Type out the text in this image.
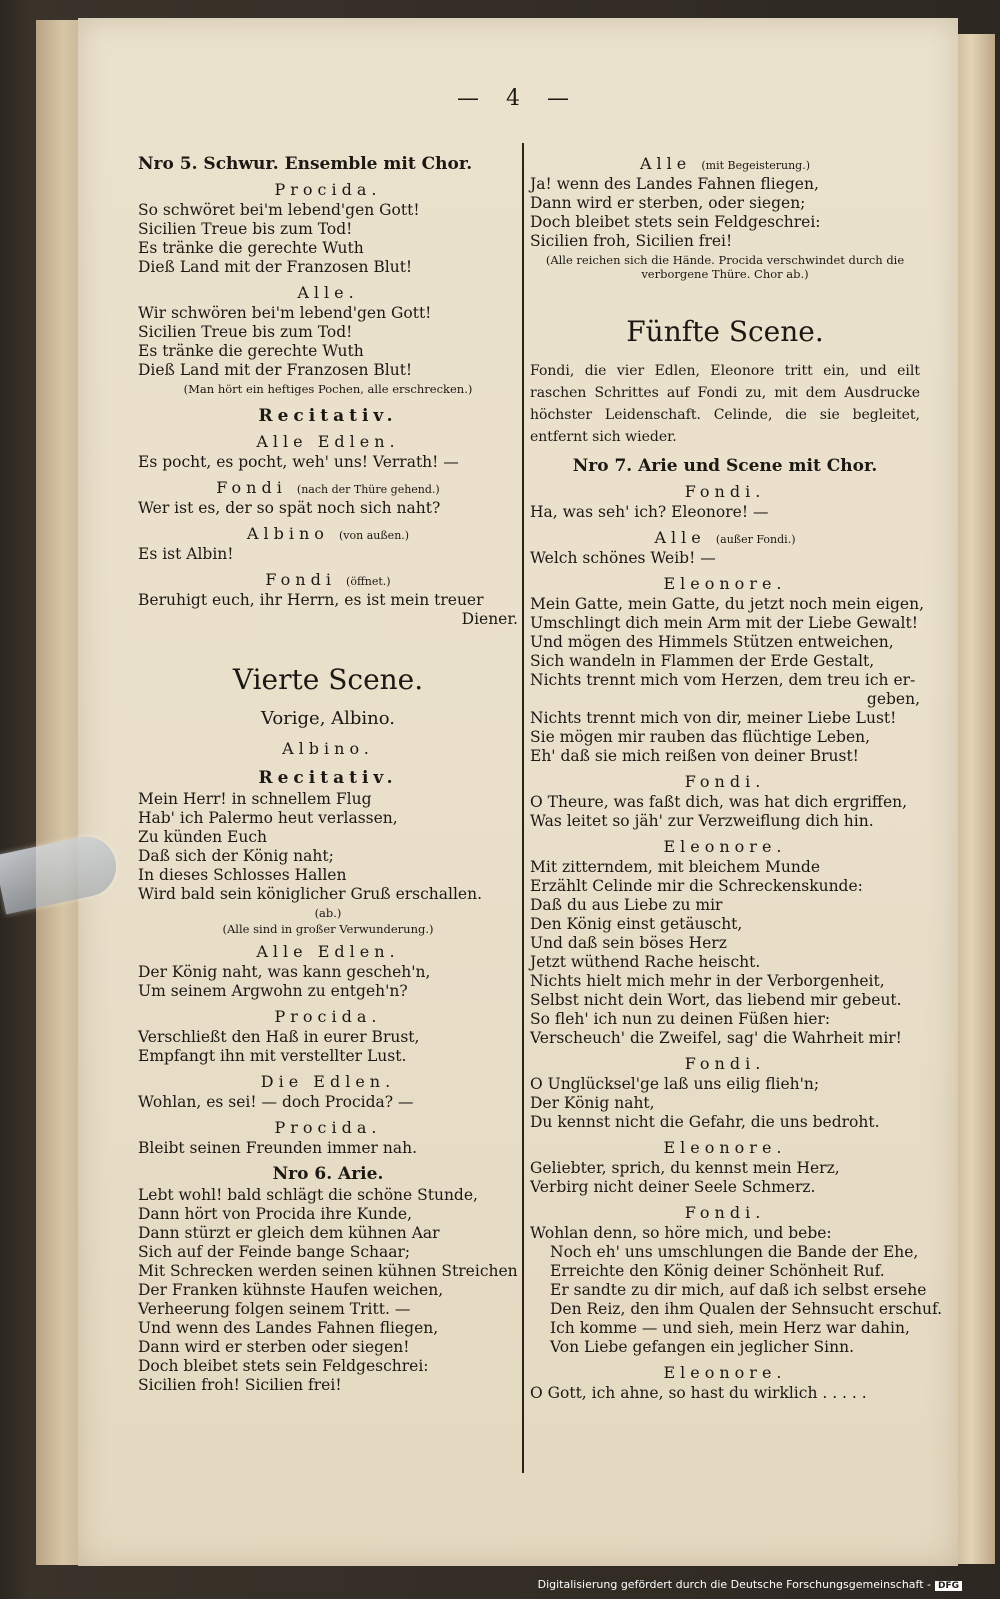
— 4 —
Nro 5. Schwur. Ensemble mit Chor.
Procida.
So schwöret bei'm lebend'gen Gott!
Sicilien Treue bis zum Tod!
Es tränke die gerechte Wuth
Dieß Land mit der Franzosen Blut!
Alle.
Wir schwören bei'm lebend'gen Gott!
Sicilien Treue bis zum Tod!
Es tränke die gerechte Wuth
Dieß Land mit der Franzosen Blut!
(Man hört ein heftiges Pochen, alle erschrecken.)
Recitativ.
Alle Edlen.
Es pocht, es pocht, weh' uns! Verrath! —
Fondi (nach der Thüre gehend.)
Wer ist es, der so spät noch sich naht?
Albino (von außen.)
Es ist Albin!
Fondi (öffnet.)
Beruhigt euch, ihr Herrn, es ist mein treuer
Diener.
Vierte Scene.
Vorige, Albino.
Albino.
Recitativ.
Mein Herr! in schnellem Flug
Hab' ich Palermo heut verlassen,
Zu künden Euch
Daß sich der König naht;
In dieses Schlosses Hallen
Wird bald sein königlicher Gruß erschallen.
(ab.)
(Alle sind in großer Verwunderung.)
Alle Edlen.
Der König naht, was kann gescheh'n,
Um seinem Argwohn zu entgeh'n?
Procida.
Verschließt den Haß in eurer Brust,
Empfangt ihn mit verstellter Lust.
Die Edlen.
Wohlan, es sei! — doch Procida? —
Procida.
Bleibt seinen Freunden immer nah.
Nro 6. Arie.
Lebt wohl! bald schlägt die schöne Stunde,
Dann hört von Procida ihre Kunde,
Dann stürzt er gleich dem kühnen Aar
Sich auf der Feinde bange Schaar;
Mit Schrecken werden seinen kühnen Streichen
Der Franken kühnste Haufen weichen,
Verheerung folgen seinem Tritt. —
Und wenn des Landes Fahnen fliegen,
Dann wird er sterben oder siegen!
Doch bleibet stets sein Feldgeschrei:
Sicilien froh! Sicilien frei!
Alle (mit Begeisterung.)
Ja! wenn des Landes Fahnen fliegen,
Dann wird er sterben, oder siegen;
Doch bleibet stets sein Feldgeschrei:
Sicilien froh, Sicilien frei!
(Alle reichen sich die Hände. Procida verschwindet durch die verborgene Thüre. Chor ab.)
Fünfte Scene.
Fondi, die vier Edlen, Eleonore tritt ein, und eilt raschen Schrittes auf Fondi zu, mit dem Ausdrucke höchster Leidenschaft. Celinde, die sie begleitet, entfernt sich wieder.
Nro 7. Arie und Scene mit Chor.
Fondi.
Ha, was seh' ich? Eleonore! —
Alle (außer Fondi.)
Welch schönes Weib! —
Eleonore.
Mein Gatte, mein Gatte, du jetzt noch mein eigen,
Umschlingt dich mein Arm mit der Liebe Gewalt!
Und mögen des Himmels Stützen entweichen,
Sich wandeln in Flammen der Erde Gestalt,
Nichts trennt mich vom Herzen, dem treu ich er-
geben,
Nichts trennt mich von dir, meiner Liebe Lust!
Sie mögen mir rauben das flüchtige Leben,
Eh' daß sie mich reißen von deiner Brust!
Fondi.
O Theure, was faßt dich, was hat dich ergriffen,
Was leitet so jäh' zur Verzweiflung dich hin.
Eleonore.
Mit zitterndem, mit bleichem Munde
Erzählt Celinde mir die Schreckenskunde:
Daß du aus Liebe zu mir
Den König einst getäuscht,
Und daß sein böses Herz
Jetzt wüthend Rache heischt.
Nichts hielt mich mehr in der Verborgenheit,
Selbst nicht dein Wort, das liebend mir gebeut.
So fleh' ich nun zu deinen Füßen hier:
Verscheuch' die Zweifel, sag' die Wahrheit mir!
Fondi.
O Unglücksel'ge laß uns eilig flieh'n;
Der König naht,
Du kennst nicht die Gefahr, die uns bedroht.
Eleonore.
Geliebter, sprich, du kennst mein Herz,
Verbirg nicht deiner Seele Schmerz.
Fondi.
Wohlan denn, so höre mich, und bebe:
Noch eh' uns umschlungen die Bande der Ehe,
Erreichte den König deiner Schönheit Ruf.
Er sandte zu dir mich, auf daß ich selbst ersehe
Den Reiz, den ihm Qualen der Sehnsucht erschuf.
Ich komme — und sieh, mein Herz war dahin,
Von Liebe gefangen ein jeglicher Sinn.
Eleonore.
O Gott, ich ahne, so hast du wirklich . . . . .
Digitalisierung gefördert durch die Deutsche Forschungsgemeinschaft - DFG
